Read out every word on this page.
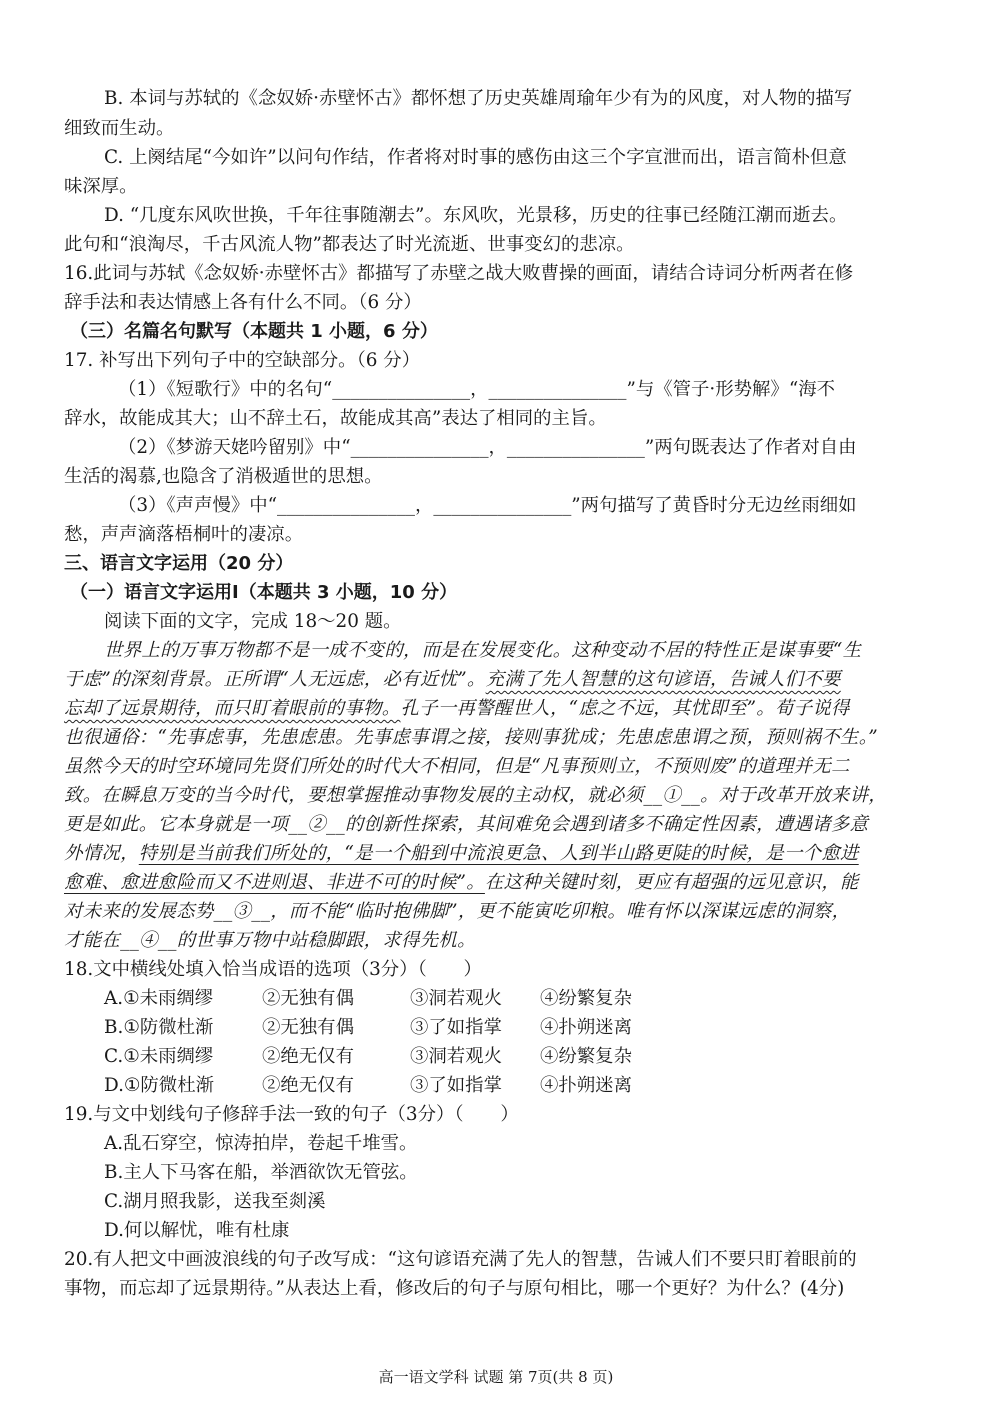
B. 本词与苏轼的《念奴娇·赤壁怀古》都怀想了历史英雄周瑜年少有为的风度，对人物的描写
细致而生动。
C. 上阕结尾“今如许”以问句作结，作者将对时事的感伤由这三个字宣泄而出，语言简朴但意
味深厚。
D. “几度东风吹世换，千年往事随潮去”。东风吹，光景移，历史的往事已经随江潮而逝去。
此句和“浪淘尽，千古风流人物”都表达了时光流逝、世事变幻的悲凉。
16.此词与苏轼《念奴娇·赤壁怀古》都描写了赤壁之战大败曹操的画面，请结合诗词分析两者在修
辞手法和表达情感上各有什么不同。（6 分）
（三）名篇名句默写（本题共 1 小题，6 分）
17. 补写出下列句子中的空缺部分。（6 分）
（1）《短歌行》中的名句“_______________，_______________”与《管子·形势解》“海不
辞水，故能成其大；山不辞土石，故能成其高”表达了相同的主旨。
（2）《梦游天姥吟留别》中“_______________，_______________”两句既表达了作者对自由
生活的渴慕,也隐含了消极遁世的思想。
（3）《声声慢》中“_______________，_______________”两句描写了黄昏时分无边丝雨细如
愁，声声滴落梧桐叶的凄凉。
三、语言文字运用（20 分）
（一）语言文字运用Ⅰ（本题共 3 小题，10 分）
阅读下面的文字，完成 18～20 题。
世界上的万事万物都不是一成不变的，而是在发展变化。这种变动不居的特性正是谋事要“生
于虑”的深刻背景。正所谓“人无远虑，必有近忧”。充满了先人智慧的这句谚语，告诫人们不要
忘却了远景期待，而只盯着眼前的事物。孔子一再警醒世人，“虑之不远，其忧即至”。荀子说得
也很通俗：“先事虑事，先患虑患。先事虑事谓之接，接则事犹成；先患虑患谓之预，预则祸不生。”
虽然今天的时空环境同先贤们所处的时代大不相同，但是“凡事预则立，不预则废”的道理并无二
致。在瞬息万变的当今时代，要想掌握推动事物发展的主动权，就必须__①__。对于改革开放来讲，
更是如此。它本身就是一项__②__的创新性探索，其间难免会遇到诸多不确定性因素，遭遇诸多意
外情况，特别是当前我们所处的，“是一个船到中流浪更急、人到半山路更陡的时候，是一个愈进
愈难、愈进愈险而又不进则退、非进不可的时候”。在这种关键时刻，更应有超强的远见意识，能
对未来的发展态势__③__，而不能“临时抱佛脚”，更不能寅吃卯粮。唯有怀以深谋远虑的洞察，
才能在__④__的世事万物中站稳脚跟，求得先机。
18.文中横线处填入恰当成语的选项（3分）（　　）
A.①未雨绸缪	②无独有偶	③洞若观火 ④纷繁复杂
B.①防微杜渐	②无独有偶	③了如指掌 ④扑朔迷离
C.①未雨绸缪	②绝无仅有	③洞若观火 ④纷繁复杂
D.①防微杜渐	②绝无仅有	③了如指掌 ④扑朔迷离
19.与文中划线句子修辞手法一致的句子（3分）（　　）
A.乱石穿空，惊涛拍岸，卷起千堆雪。
B.主人下马客在船，举酒欲饮无管弦。
C.湖月照我影，送我至剡溪
D.何以解忧，唯有杜康
20.有人把文中画波浪线的句子改写成：“这句谚语充满了先人的智慧，告诫人们不要只盯着眼前的
事物，而忘却了远景期待。”从表达上看，修改后的句子与原句相比，哪一个更好？为什么？(4分)
高一语文学科 试题 第 7页(共 8 页)
